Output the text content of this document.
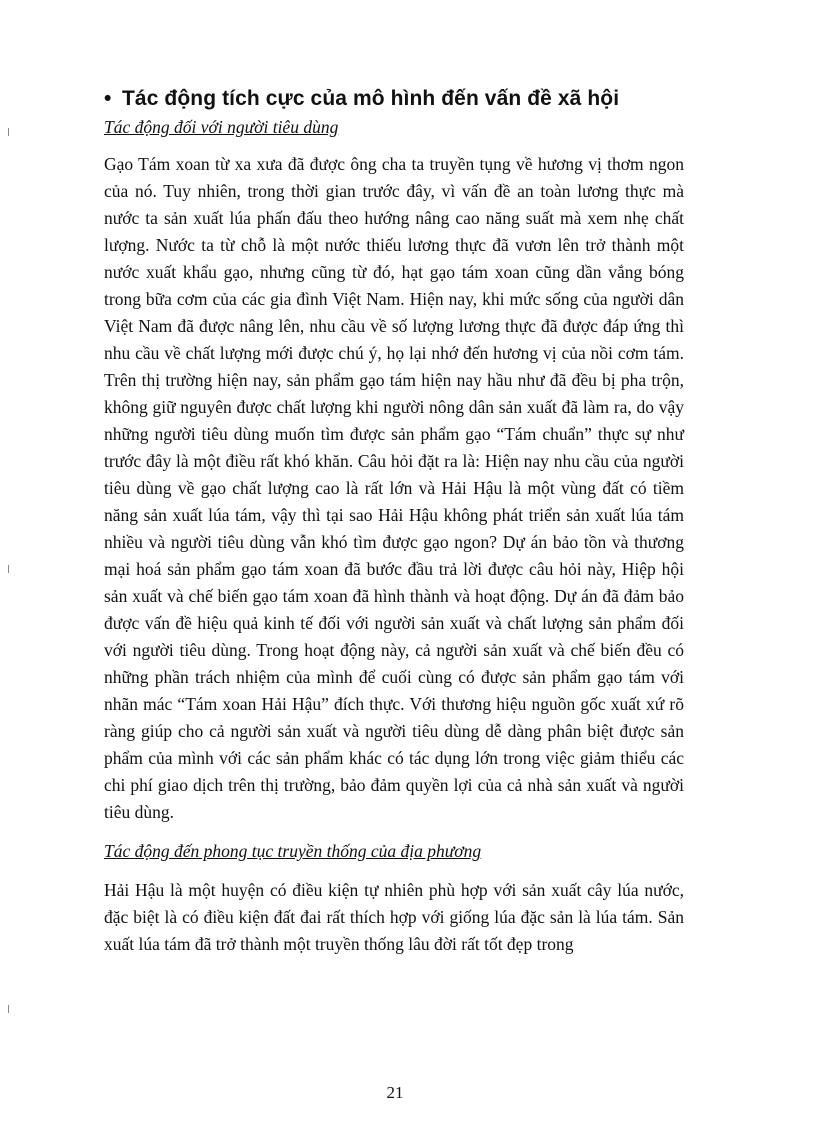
• Tác động tích cực của mô hình đến vấn đề xã hội

Tác động đối với người tiêu dùng

Gạo Tám xoan từ xa xưa đã được ông cha ta truyền tụng về hương vị thơm ngon của nó. Tuy nhiên, trong thời gian trước đây, vì vấn đề an toàn lương thực mà nước ta sản xuất lúa phấn đấu theo hướng nâng cao năng suất mà xem nhẹ chất lượng. Nước ta từ chỗ là một nước thiếu lương thực đã vươn lên trở thành một nước xuất khẩu gạo, nhưng cũng từ đó, hạt gạo tám xoan cũng dần vắng bóng trong bữa cơm của các gia đình Việt Nam. Hiện nay, khi mức sống của người dân Việt Nam đã được nâng lên, nhu cầu về số lượng lương thực đã được đáp ứng thì nhu cầu về chất lượng mới được chú ý, họ lại nhớ đến hương vị của nồi cơm tám. Trên thị trường hiện nay, sản phẩm gạo tám hiện nay hầu như đã đều bị pha trộn, không giữ nguyên được chất lượng khi người nông dân sản xuất đã làm ra, do vậy những người tiêu dùng muốn tìm được sản phẩm gạo “Tám chuẩn” thực sự như trước đây là một điều rất khó khăn. Câu hỏi đặt ra là: Hiện nay nhu cầu của người tiêu dùng về gạo chất lượng cao là rất lớn và Hải Hậu là một vùng đất có tiềm năng sản xuất lúa tám, vậy thì tại sao Hải Hậu không phát triển sản xuất lúa tám nhiều và người tiêu dùng vẫn khó tìm được gạo ngon? Dự án bảo tồn và thương mại hoá sản phẩm gạo tám xoan đã bước đầu trả lời được câu hỏi này, Hiệp hội sản xuất và chế biến gạo tám xoan đã hình thành và hoạt động. Dự án đã đảm bảo được vấn đề hiệu quả kinh tế đối với người sản xuất và chất lượng sản phẩm đối với người tiêu dùng. Trong hoạt động này, cả người sản xuất và chế biến đều có những phần trách nhiệm của mình để cuối cùng có được sản phẩm gạo tám với nhãn mác “Tám xoan Hải Hậu” đích thực. Với thương hiệu nguồn gốc xuất xứ rõ ràng giúp cho cả người sản xuất và người tiêu dùng dễ dàng phân biệt được sản phẩm của mình với các sản phẩm khác có tác dụng lớn trong việc giảm thiểu các chi phí giao dịch trên thị trường, bảo đảm quyền lợi của cả nhà sản xuất và người tiêu dùng.

Tác động đến phong tục truyền thống của địa phương

Hải Hậu là một huyện có điều kiện tự nhiên phù hợp với sản xuất cây lúa nước, đặc biệt là có điều kiện đất đai rất thích hợp với giống lúa đặc sản là lúa tám. Sản xuất lúa tám đã trở thành một truyền thống lâu đời rất tốt đẹp trong

21
